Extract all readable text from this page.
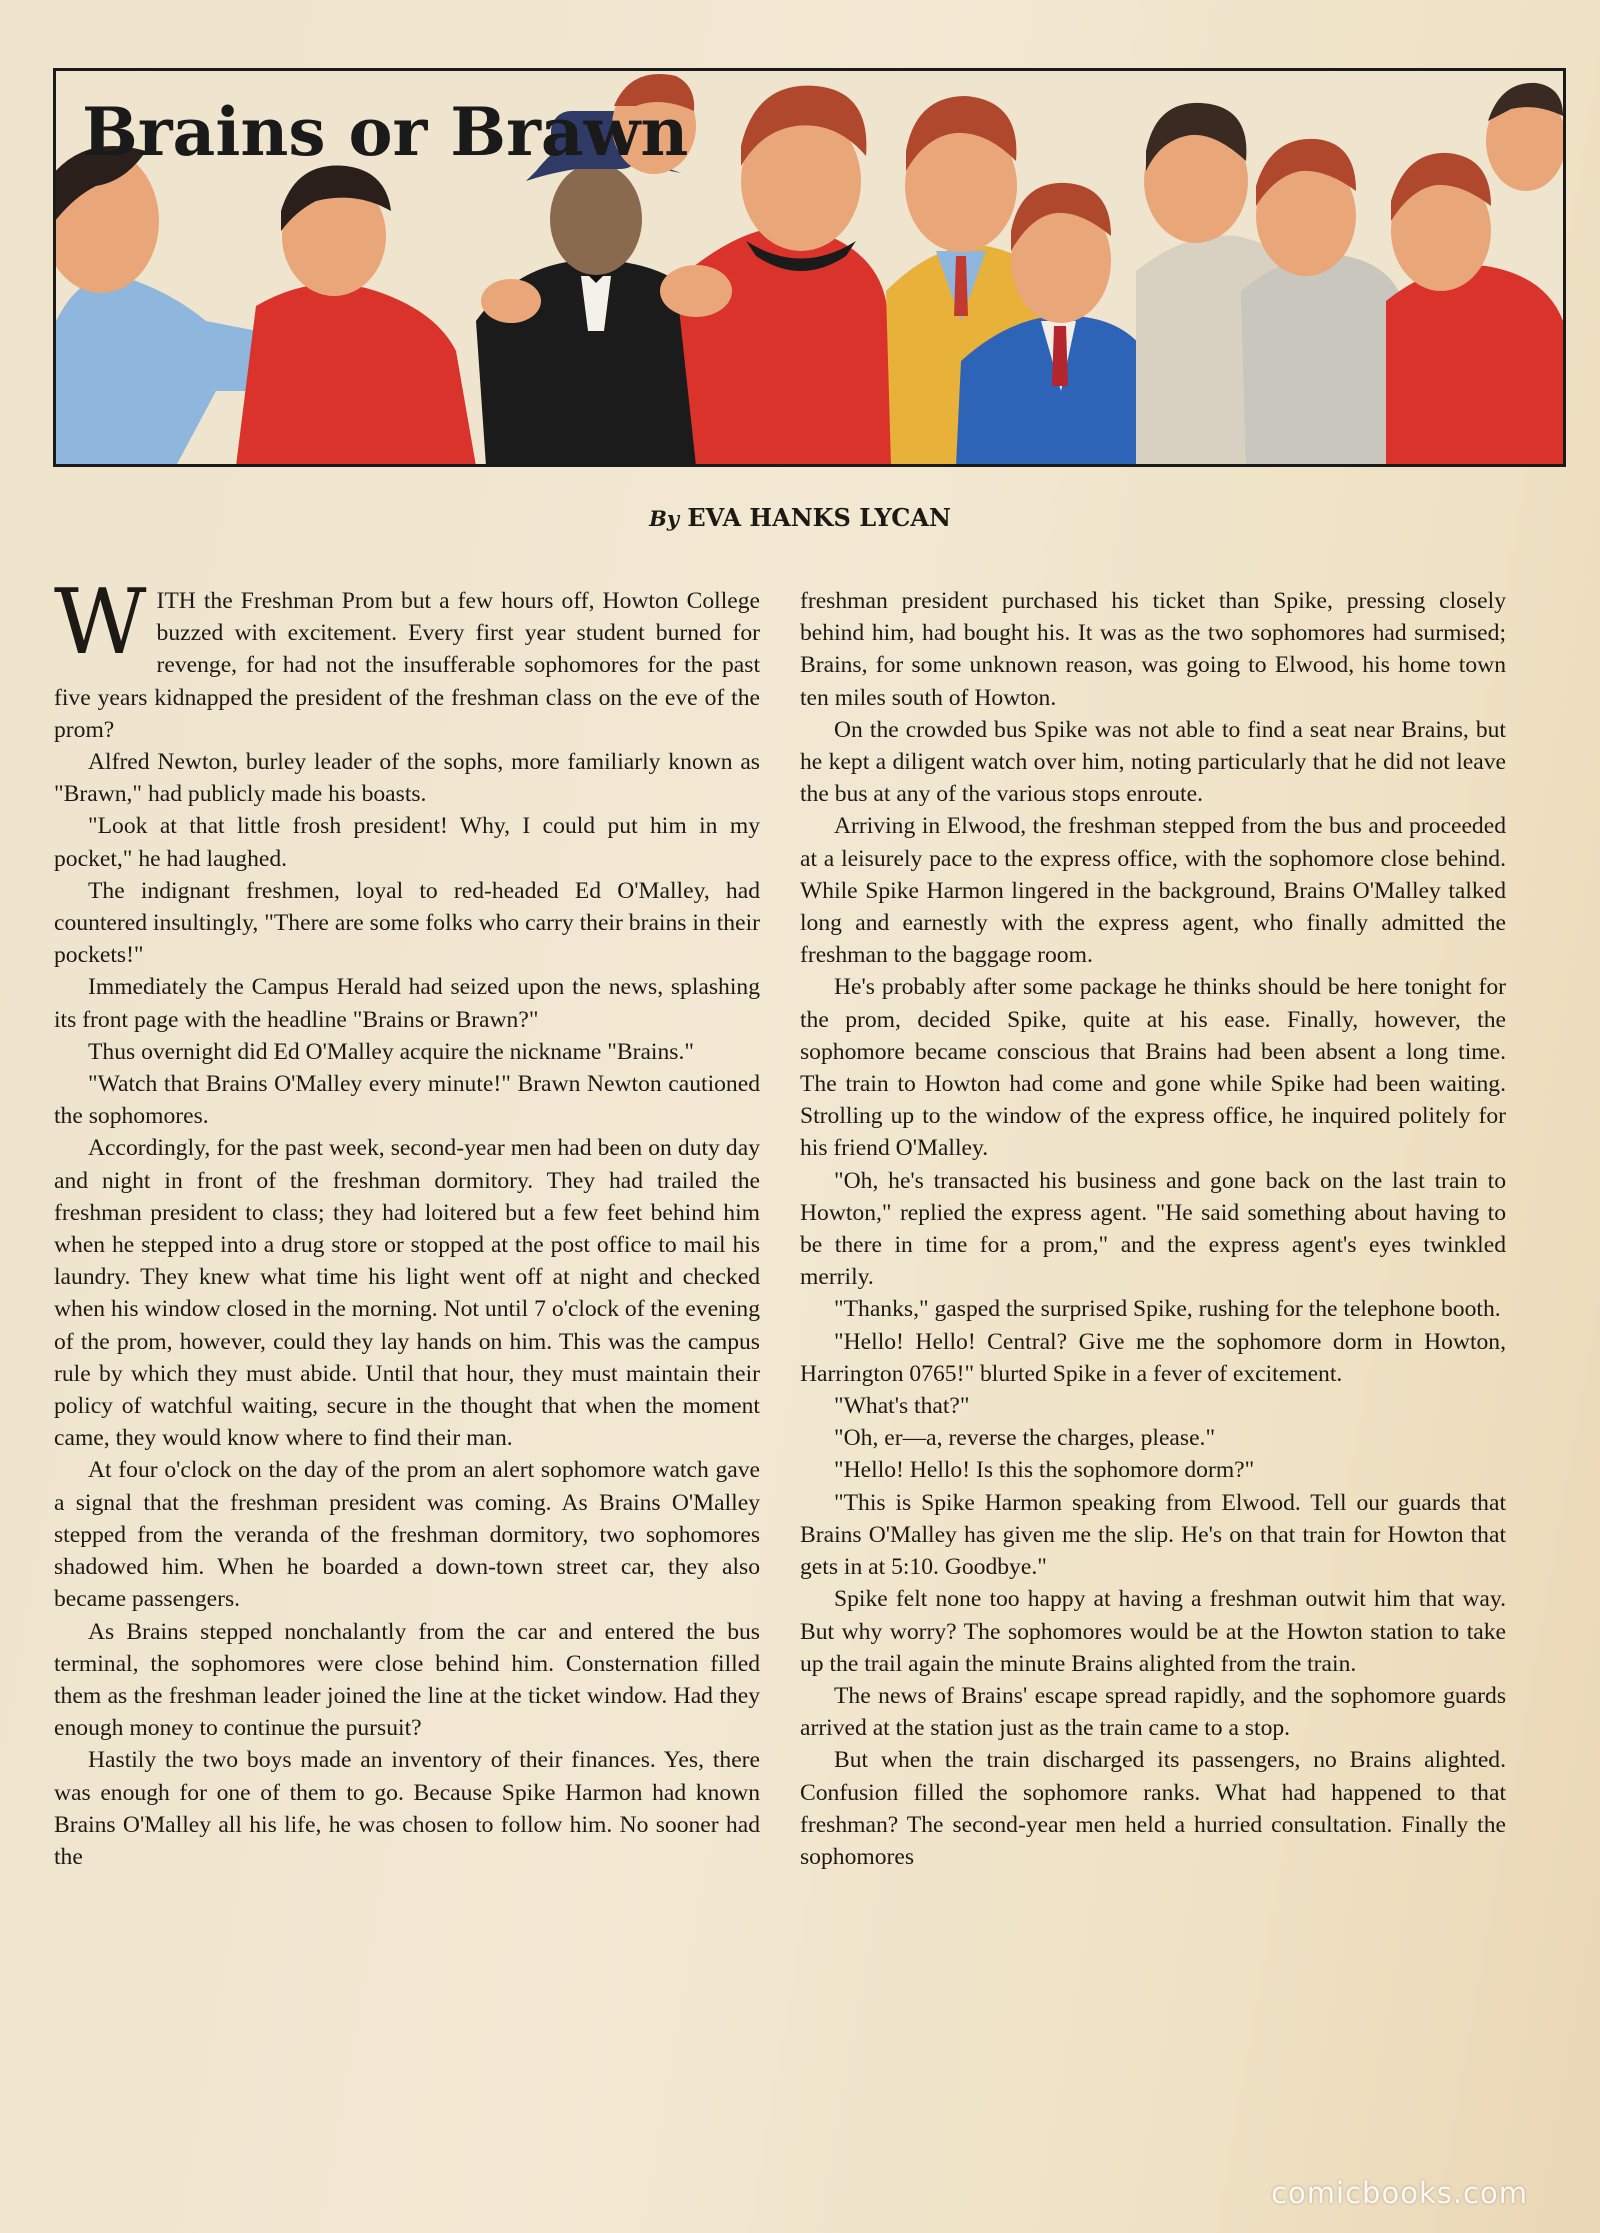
Brains or Brawn

By EVA HANKS LYCAN

WITH the Freshman Prom but a few hours off, Howton College buzzed with excitement. Every first year student burned for revenge, for had not the insufferable sophomores for the past five years kidnapped the president of the freshman class on the eve of the prom?

Alfred Newton, burley leader of the sophs, more familiarly known as "Brawn," had publicly made his boasts.

"Look at that little frosh president! Why, I could put him in my pocket," he had laughed.

The indignant freshmen, loyal to red-headed Ed O'Malley, had countered insultingly, "There are some folks who carry their brains in their pockets!"

Immediately the Campus Herald had seized upon the news, splashing its front page with the headline "Brains or Brawn?"

Thus overnight did Ed O'Malley acquire the nickname "Brains."

"Watch that Brains O'Malley every minute!" Brawn Newton cautioned the sophomores.

Accordingly, for the past week, second-year men had been on duty day and night in front of the freshman dormitory. They had trailed the freshman president to class; they had loitered but a few feet behind him when he stepped into a drug store or stopped at the post office to mail his laundry. They knew what time his light went off at night and checked when his window closed in the morning. Not until 7 o'clock of the evening of the prom, however, could they lay hands on him. This was the campus rule by which they must abide. Until that hour, they must maintain their policy of watchful waiting, secure in the thought that when the moment came, they would know where to find their man.

At four o'clock on the day of the prom an alert sophomore watch gave a signal that the freshman president was coming. As Brains O'Malley stepped from the veranda of the freshman dormitory, two sophomores shadowed him. When he boarded a down-town street car, they also became passengers.

As Brains stepped nonchalantly from the car and entered the bus terminal, the sophomores were close behind him. Consternation filled them as the freshman leader joined the line at the ticket window. Had they enough money to continue the pursuit?

Hastily the two boys made an inventory of their finances. Yes, there was enough for one of them to go. Because Spike Harmon had known Brains O'Malley all his life, he was chosen to follow him. No sooner had the

freshman president purchased his ticket than Spike, pressing closely behind him, had bought his. It was as the two sophomores had surmised; Brains, for some unknown reason, was going to Elwood, his home town ten miles south of Howton.

On the crowded bus Spike was not able to find a seat near Brains, but he kept a diligent watch over him, noting particularly that he did not leave the bus at any of the various stops enroute.

Arriving in Elwood, the freshman stepped from the bus and proceeded at a leisurely pace to the express office, with the sophomore close behind. While Spike Harmon lingered in the background, Brains O'Malley talked long and earnestly with the express agent, who finally admitted the freshman to the baggage room.

He's probably after some package he thinks should be here tonight for the prom, decided Spike, quite at his ease. Finally, however, the sophomore became conscious that Brains had been absent a long time. The train to Howton had come and gone while Spike had been waiting. Strolling up to the window of the express office, he inquired politely for his friend O'Malley.

"Oh, he's transacted his business and gone back on the last train to Howton," replied the express agent. "He said something about having to be there in time for a prom," and the express agent's eyes twinkled merrily.

"Thanks," gasped the surprised Spike, rushing for the telephone booth.

"Hello! Hello! Central? Give me the sophomore dorm in Howton, Harrington 0765!" blurted Spike in a fever of excitement.

"What's that?"

"Oh, er—a, reverse the charges, please."

"Hello! Hello! Is this the sophomore dorm?"

"This is Spike Harmon speaking from Elwood. Tell our guards that Brains O'Malley has given me the slip. He's on that train for Howton that gets in at 5:10. Goodbye."

Spike felt none too happy at having a freshman outwit him that way. But why worry? The sophomores would be at the Howton station to take up the trail again the minute Brains alighted from the train.

The news of Brains' escape spread rapidly, and the sophomore guards arrived at the station just as the train came to a stop.

But when the train discharged its passengers, no Brains alighted. Confusion filled the sophomore ranks. What had happened to that freshman? The second-year men held a hurried consultation. Finally the sophomores

comicbooks.com
